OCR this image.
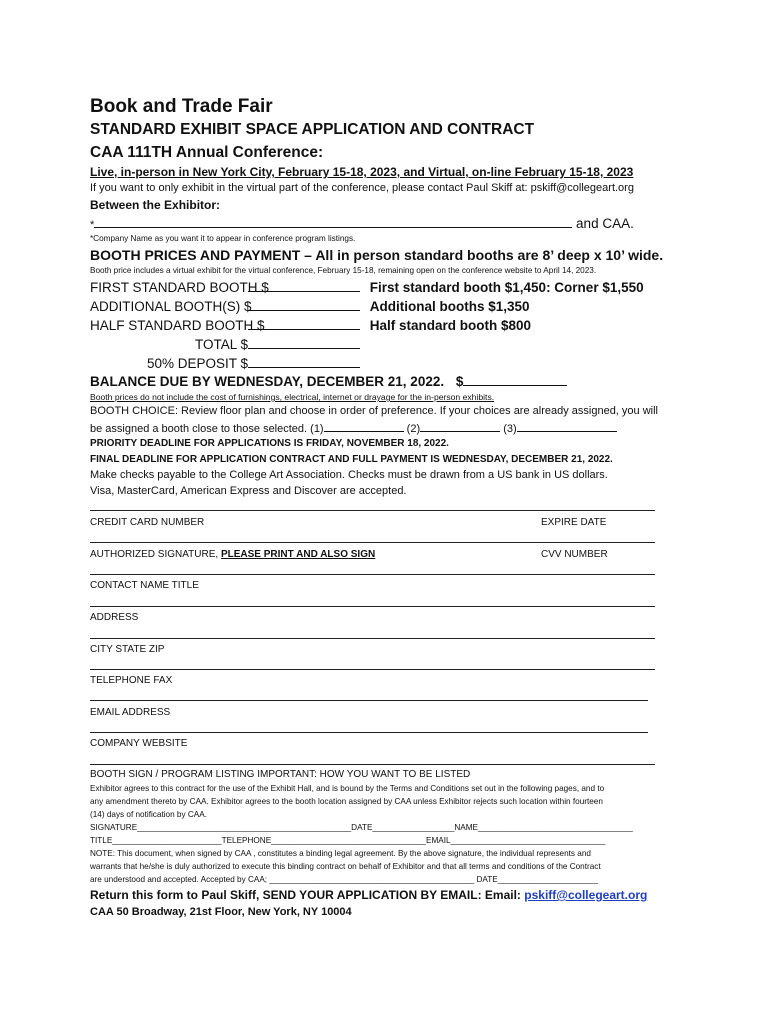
Book and Trade Fair
STANDARD EXHIBIT SPACE APPLICATION AND CONTRACT
CAA 111TH Annual Conference:
Live, in-person in New York City, February 15-18, 2023, and Virtual, on-line February 15-18, 2023
If you want to only exhibit in the virtual part of the conference, please contact Paul Skiff at: pskiff@collegeart.org
Between the Exhibitor:
*	and CAA.
*Company Name as you want it to appear in conference program listings.
BOOTH PRICES AND PAYMENT – All in person standard booths are 8’ deep x 10’ wide.
Booth price includes a virtual exhibit for the virtual conference, February 15-18, remaining open on the conference website to April 14, 2023.
FIRST STANDARD BOOTH $	First standard booth $1,450: Corner $1,550
ADDITIONAL BOOTH(S) $	Additional booths $1,350
HALF STANDARD BOOTH $	Half standard booth $800
TOTAL $
50% DEPOSIT $
BALANCE DUE BY WEDNESDAY, DECEMBER 21, 2022. $
Booth prices do not include the cost of furnishings, electrical, internet or drayage for the in-person exhibits.
BOOTH CHOICE: Review floor plan and choose in order of preference. If your choices are already assigned, you will
be assigned a booth close to those selected. (1)	(2)	(3)
PRIORITY DEADLINE FOR APPLICATIONS IS FRIDAY, NOVEMBER 18, 2022.
FINAL DEADLINE FOR APPLICATION CONTRACT AND FULL PAYMENT IS WEDNESDAY, DECEMBER 21, 2022.
Make checks payable to the College Art Association. Checks must be drawn from a US bank in US dollars.
Visa, MasterCard, American Express and Discover are accepted.
CREDIT CARD NUMBER	EXPIRE DATE
AUTHORIZED SIGNATURE, PLEASE PRINT AND ALSO SIGN	CVV NUMBER
CONTACT NAME TITLE
ADDRESS
CITY STATE ZIP
TELEPHONE FAX
EMAIL ADDRESS
COMPANY WEBSITE
BOOTH SIGN / PROGRAM LISTING IMPORTANT: HOW YOU WANT TO BE LISTED
Exhibitor agrees to this contract for the use of the Exhibit Hall, and is bound by the Terms and Conditions set out in the following pages, and to
any amendment thereto by CAA. Exhibitor agrees to the booth location assigned by CAA unless Exhibitor rejects such location within fourteen
(14) days of notification by CAA.
SIGNATURE_______________________________________________DATE__________________NAME__________________________________
TITLE________________________TELEPHONE__________________________________EMAIL__________________________________
NOTE: This document, when signed by CAA , constitutes a binding legal agreement. By the above signature, the individual represents and
warrants that he/she is duly authorized to execute this binding contract on behalf of Exhibitor and that all terms and conditions of the Contract
are understood and accepted. Accepted by CAA; _____________________________________________ DATE______________________
Return this form to Paul Skiff, SEND YOUR APPLICATION BY EMAIL: Email: pskiff@collegeart.org
CAA 50 Broadway, 21st Floor, New York, NY 10004
